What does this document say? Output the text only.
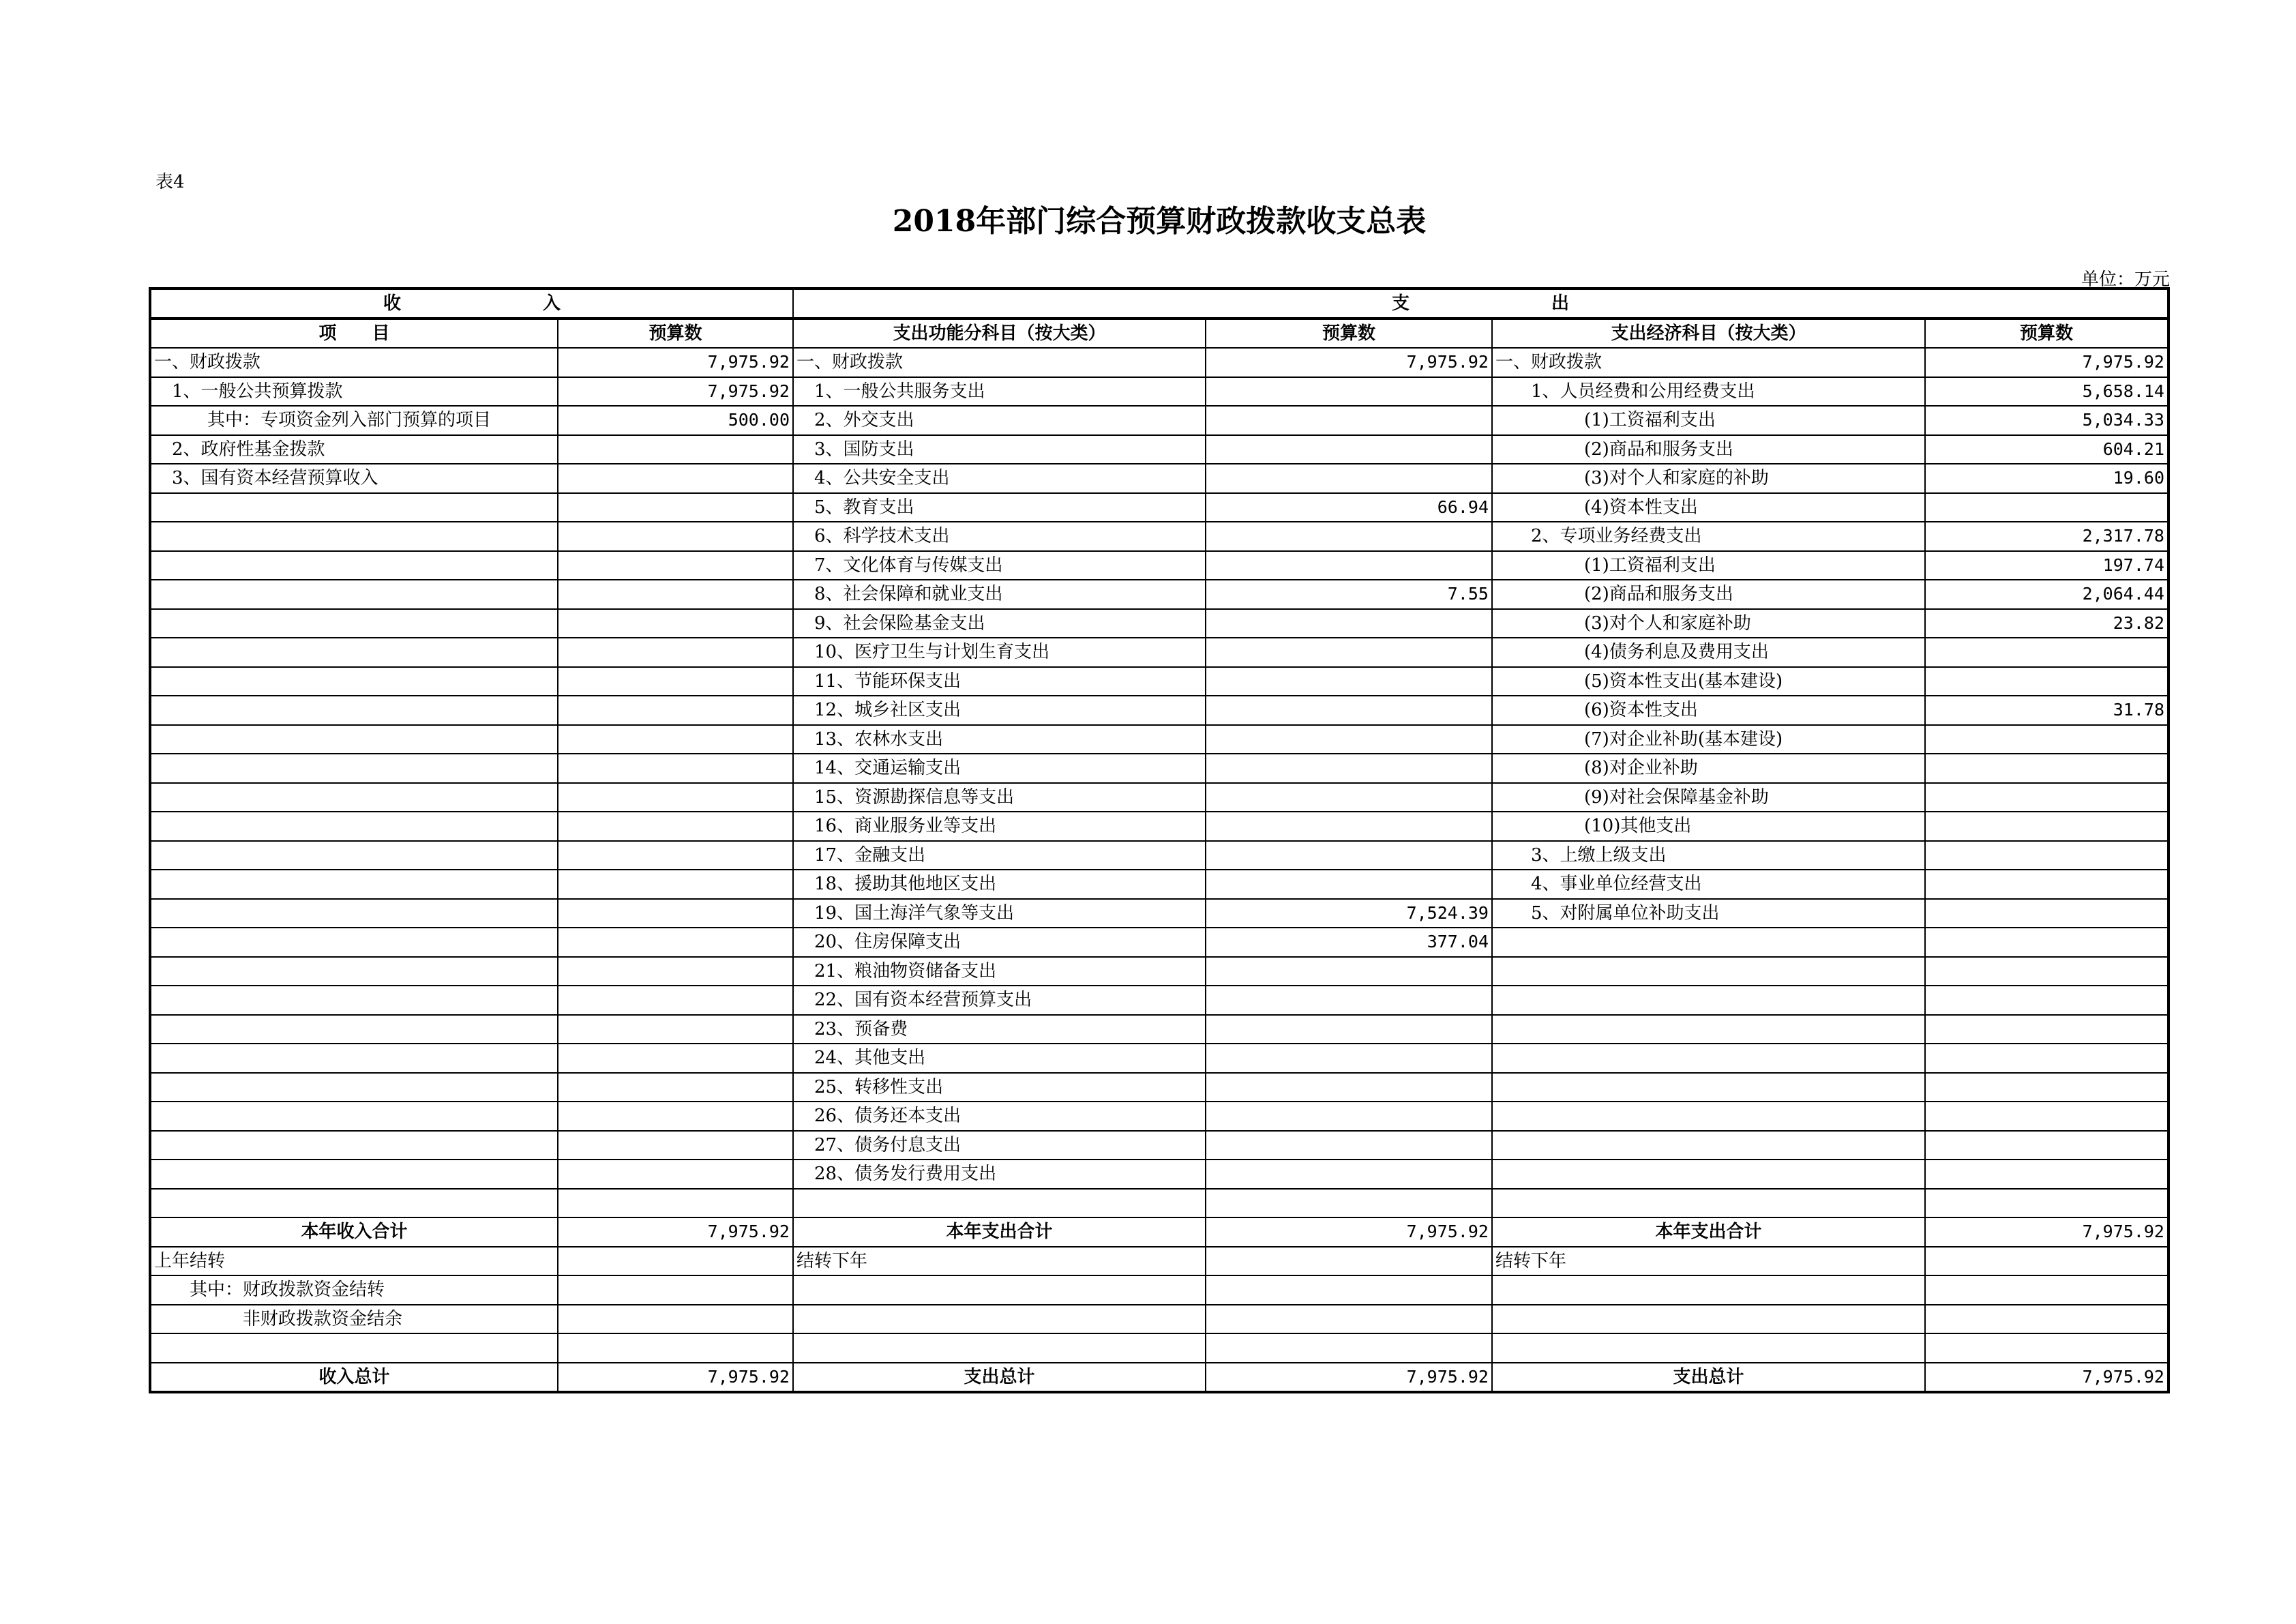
表4
2018年部门综合预算财政拨款收支总表
单位：万元
收　　　　　　　　入		支　　　　　　　　出			
项　　目	预算数	支出功能分科目（按大类）	预算数	支出经济科目（按大类）	预算数
一、财政拨款	7,975.92	一、财政拨款	7,975.92	一、财政拨款	7,975.92
　1、一般公共预算拨款	7,975.92	　1、一般公共服务支出		　　1、人员经费和公用经费支出	5,658.14
　　　其中：专项资金列入部门预算的项目	500.00	　2、外交支出		　　　　　(1)工资福利支出	5,034.33
　2、政府性基金拨款		　3、国防支出		　　　　　(2)商品和服务支出	604.21
　3、国有资本经营预算收入		　4、公共安全支出		　　　　　(3)对个人和家庭的补助	19.60
		　5、教育支出	66.94	　　　　　(4)资本性支出	
		　6、科学技术支出		　　2、专项业务经费支出	2,317.78
		　7、文化体育与传媒支出		　　　　　(1)工资福利支出	197.74
		　8、社会保障和就业支出	7.55	　　　　　(2)商品和服务支出	2,064.44
		　9、社会保险基金支出		　　　　　(3)对个人和家庭补助	23.82
		　10、医疗卫生与计划生育支出		　　　　　(4)债务利息及费用支出	
		　11、节能环保支出		　　　　　(5)资本性支出(基本建设)	
		　12、城乡社区支出		　　　　　(6)资本性支出	31.78
		　13、农林水支出		　　　　　(7)对企业补助(基本建设)	
		　14、交通运输支出		　　　　　(8)对企业补助	
		　15、资源勘探信息等支出		　　　　　(9)对社会保障基金补助	
		　16、商业服务业等支出		　　　　　(10)其他支出	
		　17、金融支出		　　3、上缴上级支出	
		　18、援助其他地区支出		　　4、事业单位经营支出	
		　19、国土海洋气象等支出	7,524.39	　　5、对附属单位补助支出	
		　20、住房保障支出	377.04		
		　21、粮油物资储备支出			
		　22、国有资本经营预算支出			
		　23、预备费			
		　24、其他支出			
		　25、转移性支出			
		　26、债务还本支出			
		　27、债务付息支出			
		　28、债务发行费用支出			

本年收入合计	7,975.92	本年支出合计	7,975.92	本年支出合计	7,975.92
上年结转		结转下年		结转下年	
　　其中：财政拨款资金结转					
　　　　　非财政拨款资金结余					

收入总计	7,975.92	支出总计	7,975.92	支出总计	7,975.92
